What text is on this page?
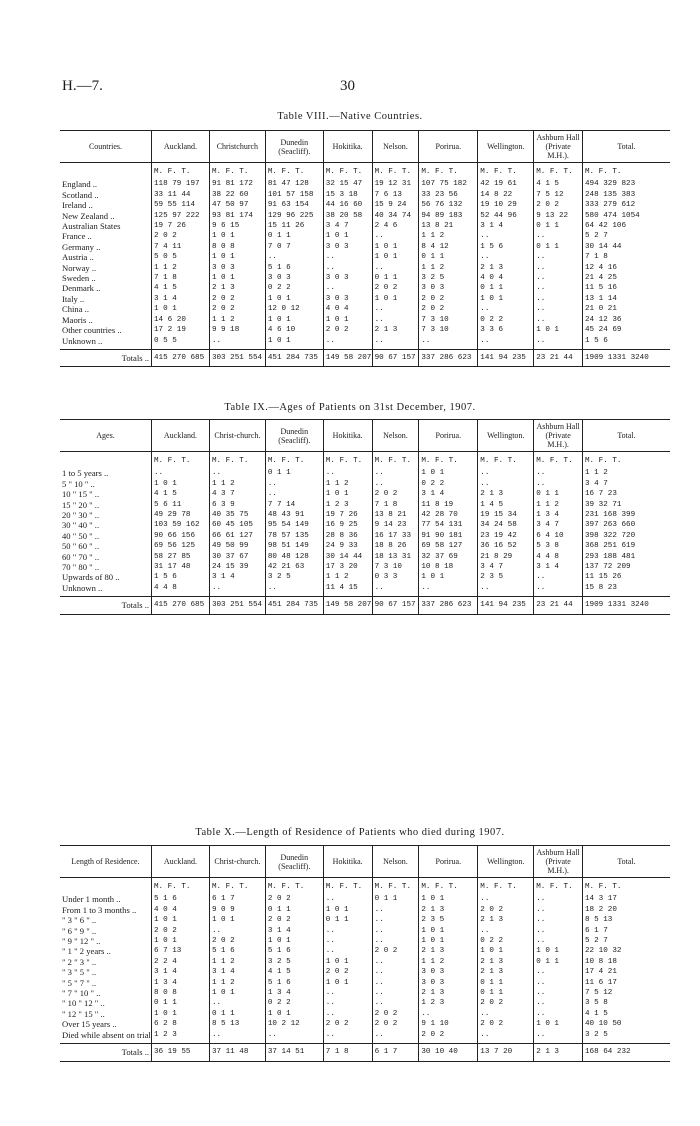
H.—7.	30
Table VIII.—Native Countries.
Countries.	Auckland.	Christchurch	Dunedin (Seacliff).	Hokitika.	Nelson.	Porirua.	Wellington.	Ashburn Hall (Private M.H.).	Total.
	M. F. T.	M. F. T.	M. F. T.	M. F. T.	M. F. T.	M. F. T.	M. F. T.	M. F. T.	M. F. T.
England ..	118 79 197	91 81 172	81 47 128	32 15 47	19 12 31	107 75 182	42 19 61	4 1 5	494 329 823
Scotland ..	33 11 44	38 22 60	101 57 158	15 3 18	7 6 13	33 23 56	14 8 22	7 5 12	248 135 383
Ireland ..	59 55 114	47 50 97	91 63 154	44 16 60	15 9 24	56 76 132	19 10 29	2 0 2	333 279 612
New Zealand ..	125 97 222	93 81 174	129 96 225	38 20 58	40 34 74	94 89 183	52 44 96	9 13 22	580 474 1054
Australian States	19 7 26	9 6 15	15 11 26	3 4 7	2 4 6	13 8 21	3 1 4	0 1 1	64 42 106
France ..	2 0 2	1 0 1	0 1 1	1 0 1	..	1 1 2	..	..	5 2 7
Germany ..	7 4 11	8 0 8	7 0 7	3 0 3	1 0 1	8 4 12	1 5 6	0 1 1	30 14 44
Austria ..	5 0 5	1 0 1	..	..	1 0 1	0 1 1	..	..	7 1 8
Norway ..	1 1 2	3 0 3	5 1 6	..	..	1 1 2	2 1 3	..	12 4 16
Sweden ..	7 1 8	1 0 1	3 0 3	3 0 3	0 1 1	3 2 5	4 0 4	..	21 4 25
Denmark ..	4 1 5	2 1 3	0 2 2	..	2 0 2	3 0 3	0 1 1	..	11 5 16
Italy ..	3 1 4	2 0 2	1 0 1	3 0 3	1 0 1	2 0 2	1 0 1	..	13 1 14
China ..	1 0 1	2 0 2	12 0 12	4 0 4	..	2 0 2	..	..	21 0 21
Maoris ..	14 6 20	1 1 2	1 0 1	1 0 1	..	7 3 10	0 2 2	..	24 12 36
Other countries ..	17 2 19	9 9 18	4 6 10	2 0 2	2 1 3	7 3 10	3 3 6	1 0 1	45 24 69
Unknown ..	0 5 5	..	1 0 1	..	..	..	..	..	1 5 6
Totals ..	415 270 685	303 251 554	451 284 735	149 58 207	90 67 157	337 286 623	141 94 235	23 21 44	1909 1331 3240
Table IX.—Ages of Patients on 31st December, 1907.
Ages.	Auckland.	Christ-church.	Dunedin (Seacliff).	Hokitika.	Nelson.	Porirua.	Wellington.	Ashburn Hall (Private M.H.).	Total.
	M. F. T.	M. F. T.	M. F. T.	M. F. T.	M. F. T.	M. F. T.	M. F. T.	M. F. T.	M. F. T.
1 to 5 years ..	..	..	0 1 1	..	..	1 0 1	..	..	1 1 2
5 " 10 " ..	1 0 1	1 1 2	..	1 1 2	..	0 2 2	..	..	3 4 7
10 " 15 " ..	4 1 5	4 3 7	..	1 0 1	2 0 2	3 1 4	2 1 3	0 1 1	16 7 23
15 " 20 " ..	5 6 11	6 3 9	7 7 14	1 2 3	7 1 8	11 8 19	1 4 5	1 1 2	39 32 71
20 " 30 " ..	49 29 78	40 35 75	48 43 91	19 7 26	13 8 21	42 28 70	19 15 34	1 3 4	231 168 399
30 " 40 " ..	103 59 162	60 45 105	95 54 149	16 9 25	9 14 23	77 54 131	34 24 58	3 4 7	397 263 660
40 " 50 " ..	90 66 156	66 61 127	78 57 135	28 8 36	16 17 33	91 90 181	23 19 42	6 4 10	398 322 720
50 " 60 " ..	69 56 125	49 50 99	98 51 149	24 9 33	18 8 26	69 58 127	36 16 52	5 3 8	368 251 619
60 " 70 " ..	58 27 85	30 37 67	80 48 128	30 14 44	18 13 31	32 37 69	21 8 29	4 4 8	293 188 481
70 " 80 " ..	31 17 48	24 15 39	42 21 63	17 3 20	7 3 10	10 8 18	3 4 7	3 1 4	137 72 209
Upwards of 80 ..	1 5 6	3 1 4	3 2 5	1 1 2	0 3 3	1 0 1	2 3 5	..	11 15 26
Unknown ..	4 4 8	..	..	11 4 15	..	..	..	..	15 8 23
Totals ..	415 270 685	303 251 554	451 284 735	149 58 207	90 67 157	337 286 623	141 94 235	23 21 44	1909 1331 3240
Table X.—Length of Residence of Patients who died during 1907.
Length of Residence.	Auckland.	Christ-church.	Dunedin (Seacliff).	Hokitika.	Nelson.	Porirua.	Wellington.	Ashburn Hall (Private M.H.).	Total.
	M. F. T.	M. F. T.	M. F. T.	M. F. T.	M. F. T.	M. F. T.	M. F. T.	M. F. T.	M. F. T.
Under 1 month ..	5 1 6	6 1 7	2 0 2	..	0 1 1	1 0 1	..	..	14 3 17
From 1 to 3 months ..	4 0 4	9 0 9	0 1 1	1 0 1	..	2 1 3	2 0 2	..	18 2 20
" 3 " 6 " ..	1 0 1	1 0 1	2 0 2	0 1 1	..	2 3 5	2 1 3	..	8 5 13
" 6 " 9 " ..	2 0 2	..	3 1 4	..	..	1 0 1	..	..	6 1 7
" 9 " 12 " ..	1 0 1	2 0 2	1 0 1	..	..	1 0 1	0 2 2	..	5 2 7
" 1 " 2 years ..	6 7 13	5 1 6	5 1 6	..	2 0 2	2 1 3	1 0 1	1 0 1	22 10 32
" 2 " 3 " ..	2 2 4	1 1 2	3 2 5	1 0 1	..	1 1 2	2 1 3	0 1 1	10 8 18
" 3 " 5 " ..	3 1 4	3 1 4	4 1 5	2 0 2	..	3 0 3	2 1 3	..	17 4 21
" 5 " 7 " ..	1 3 4	1 1 2	5 1 6	1 0 1	..	3 0 3	0 1 1	..	11 6 17
" 7 " 10 " ..	8 0 8	1 0 1	1 3 4	..	..	2 1 3	0 1 1	..	7 5 12
" 10 " 12 " ..	0 1 1	..	0 2 2	..	..	1 2 3	2 0 2	..	3 5 8
" 12 " 15 " ..	1 0 1	0 1 1	1 0 1	..	2 0 2	..	..	..	4 1 5
Over 15 years ..	6 2 8	8 5 13	10 2 12	2 0 2	2 0 2	9 1 10	2 0 2	1 0 1	40 10 50
Died while absent on trial	1 2 3	..	..	..	..	2 0 2	..	..	3 2 5
Totals ..	36 19 55	37 11 48	37 14 51	7 1 8	6 1 7	30 10 40	13 7 20	2 1 3	168 64 232
